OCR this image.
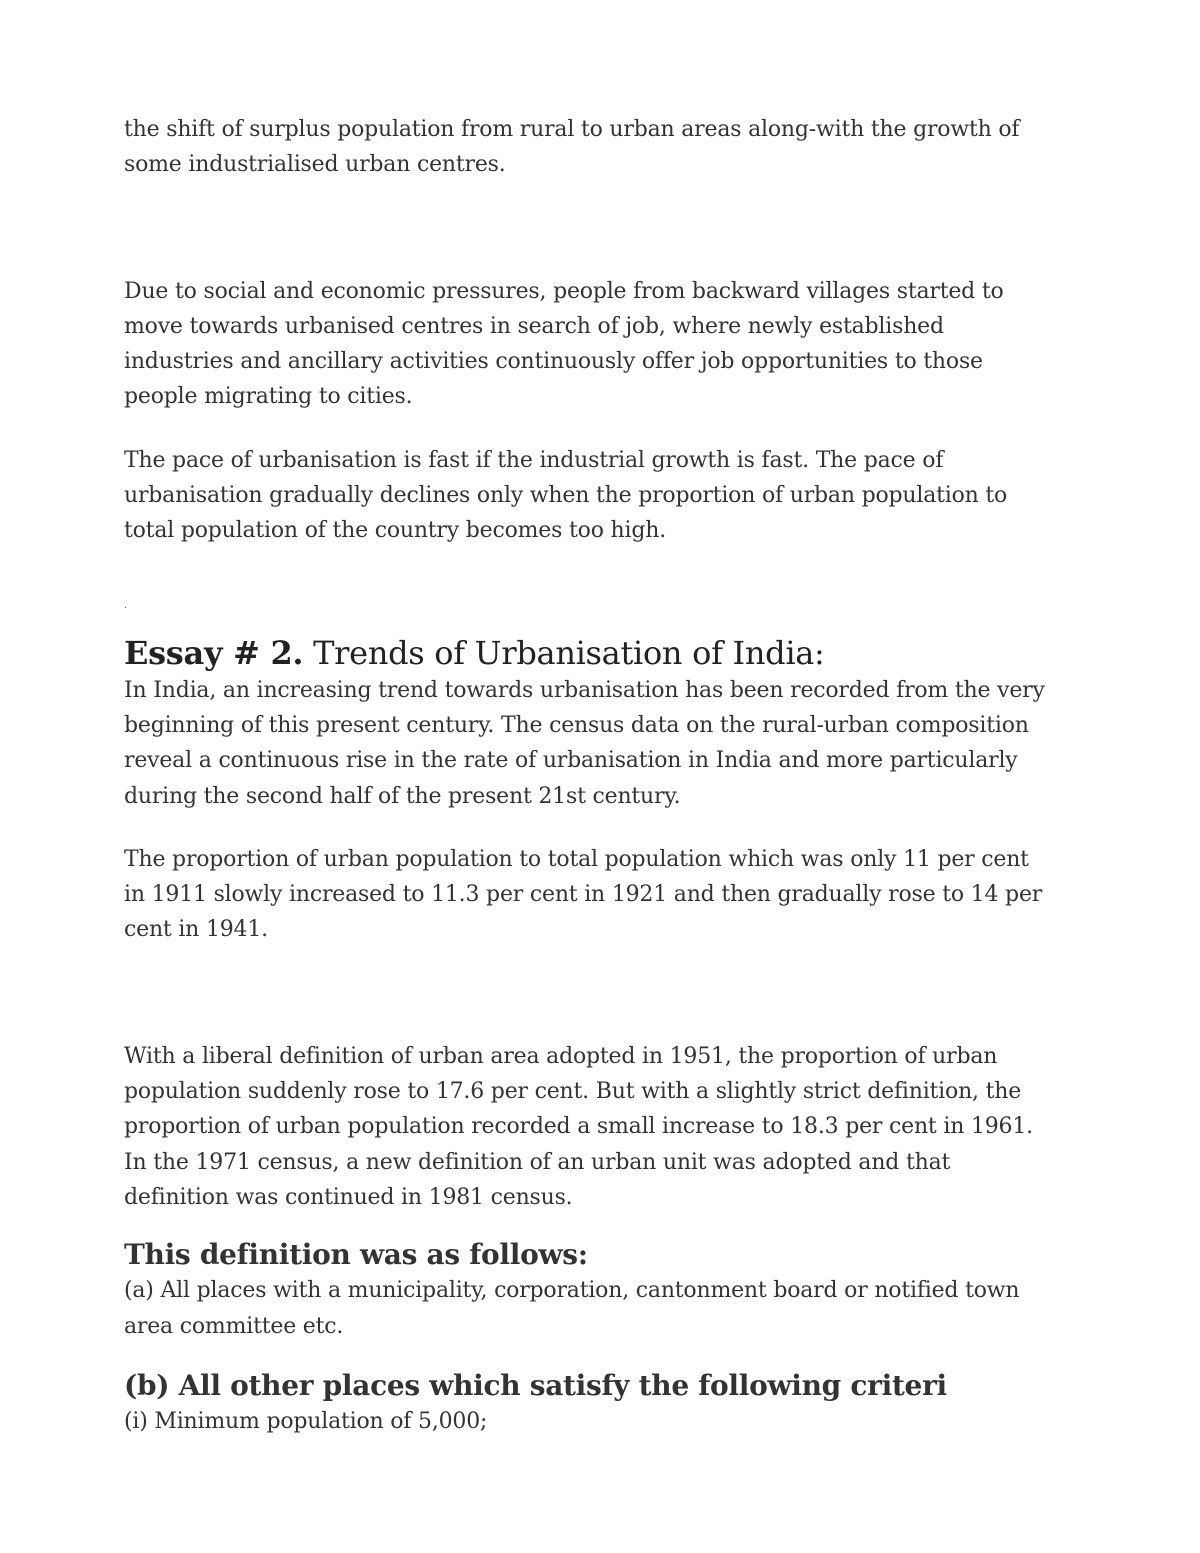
the shift of surplus population from rural to urban areas along-with the growth of some industrialised urban centres.

Due to social and economic pressures, people from backward villages started to move towards urbanised centres in search of job, where newly established industries and ancillary activities continuously offer job opportunities to those people migrating to cities.

The pace of urbanisation is fast if the industrial growth is fast. The pace of urbanisation gradually declines only when the proportion of urban population to total population of the country becomes too high.

.
Essay # 2. Trends of Urbanisation of India:

In India, an increasing trend towards urbanisation has been recorded from the very beginning of this present century. The census data on the rural-urban composition reveal a continuous rise in the rate of urbanisation in India and more particularly during the second half of the present 21st century.

The proportion of urban population to total population which was only 11 per cent in 1911 slowly increased to 11.3 per cent in 1921 and then gradually rose to 14 per cent in 1941.

With a liberal definition of urban area adopted in 1951, the proportion of urban population suddenly rose to 17.6 per cent. But with a slightly strict definition, the proportion of urban population recorded a small increase to 18.3 per cent in 1961. In the 1971 census, a new definition of an urban unit was adopted and that definition was continued in 1981 census.

This definition was as follows:

(a) All places with a municipality, corporation, cantonment board or notified town area committee etc.

(b) All other places which satisfy the following criteri

(i) Minimum population of 5,000;
